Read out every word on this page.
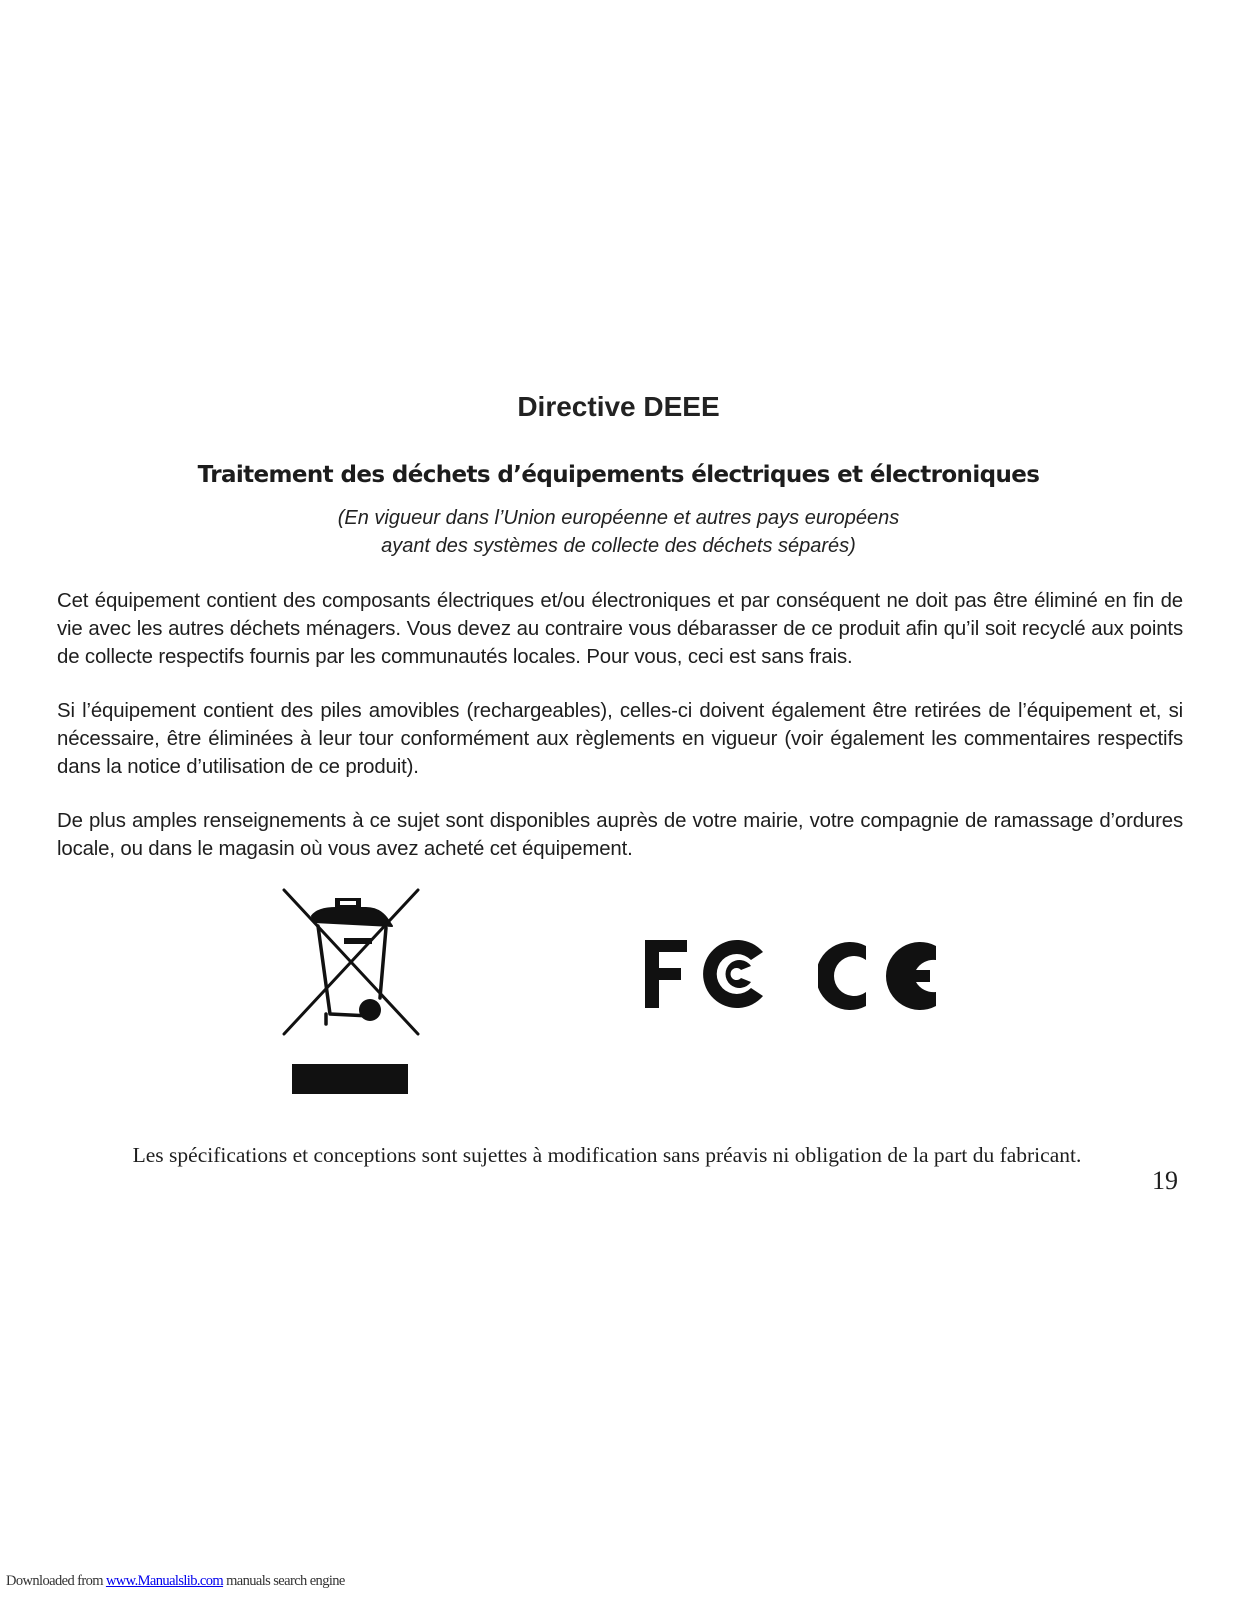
Directive DEEE
Traitement des déchets d’équipements électriques et électroniques
(En vigueur dans l’Union européenne et autres pays européens
ayant des systèmes de collecte des déchets séparés)

Cet équipement contient des composants électriques et/ou électroniques et par conséquent ne doit pas être éliminé en fin de vie avec les autres déchets ménagers. Vous devez au contraire vous débarasser de ce produit afin qu’il soit recyclé aux points de collecte respectifs fournis par les communautés locales. Pour vous, ceci est sans frais.

Si l’équipement contient des piles amovibles (rechargeables), celles-ci doivent également être retirées de l’équipement et, si nécessaire, être éliminées à leur tour conformément aux règlements en vigueur (voir également les commentaires respectifs dans la notice d’utilisation de ce produit).

De plus amples renseignements à ce sujet sont disponibles auprès de votre mairie, votre compagnie de ramassage d’ordures locale, ou dans le magasin où vous avez acheté cet équipement.

Les spécifications et conceptions sont sujettes à modification sans préavis ni obligation de la part du fabricant.
19
Downloaded from www.Manualslib.com manuals search engine
